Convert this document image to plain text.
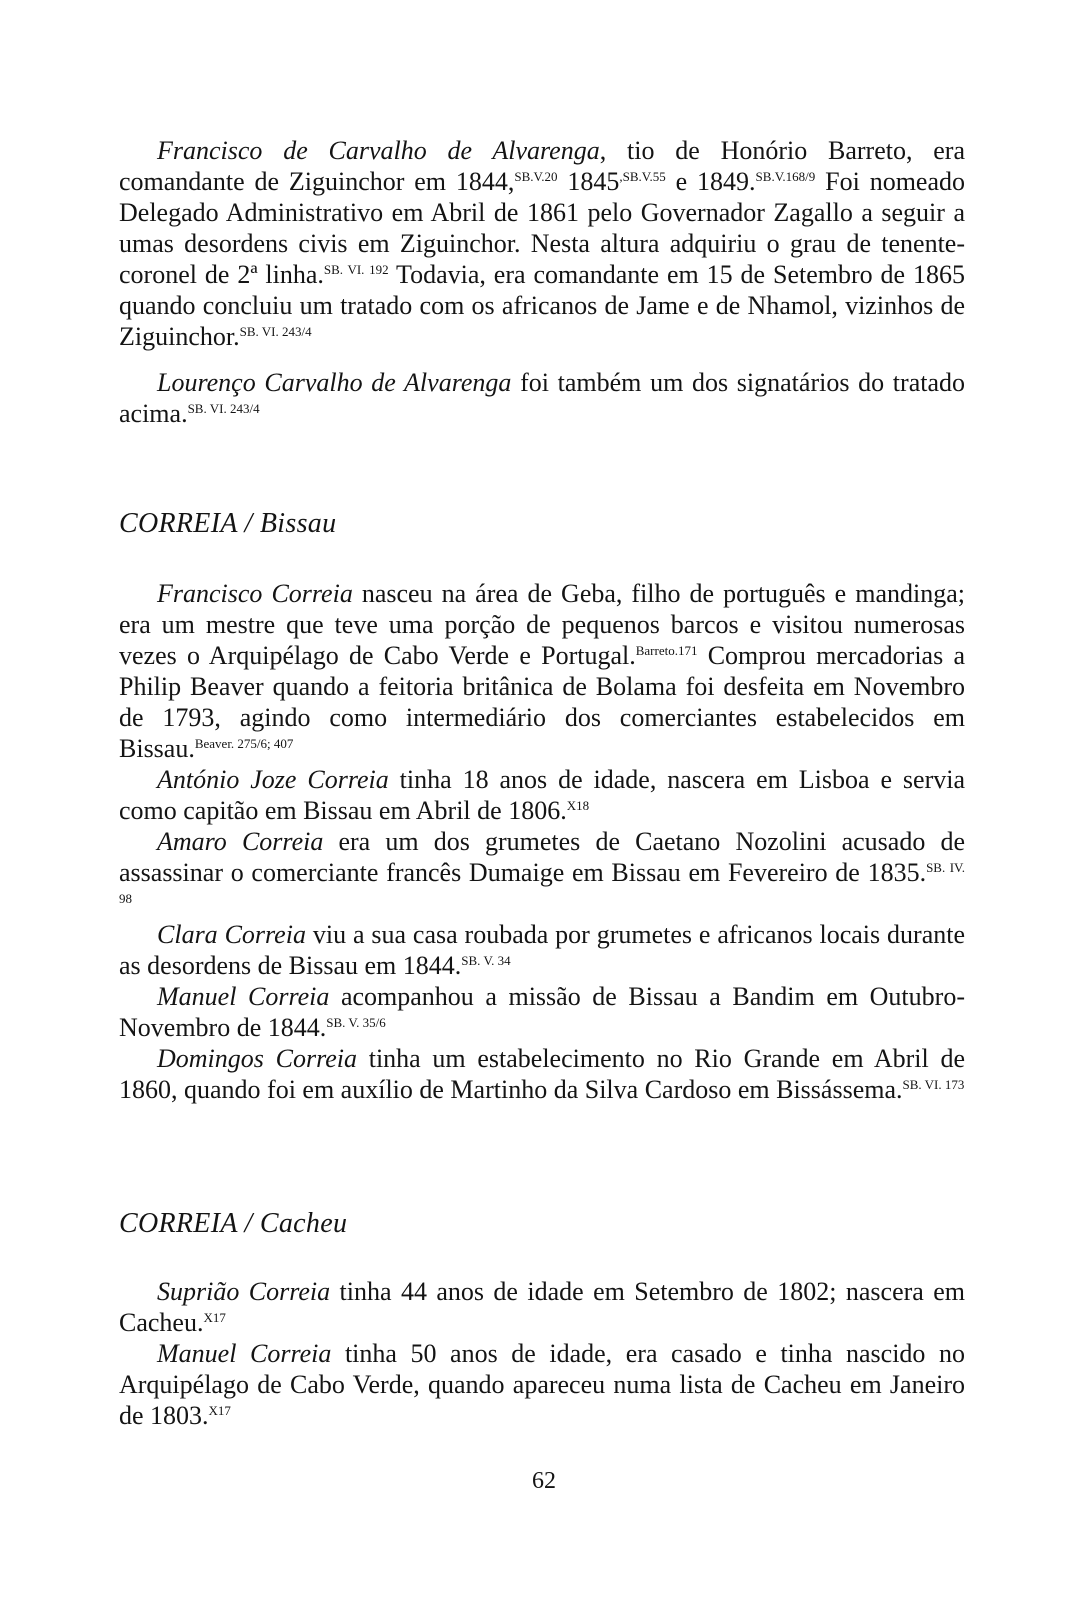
Francisco de Carvalho de Alvarenga, tio de Honório Barreto, era comandante de Ziguinchor em 1844,$^{SB.V.20}$ $1845^{,SB.V.55}$ e 1849.$^{SB.V.168/9}$ Foi nomeado Delegado Administrativo em Abril de 1861 pelo Governador Zagallo a seguir a umas desordens civis em Ziguinchor. Nesta altura adquiriu o grau de tenente-coronel de 2ª linha.$^{SB. VI. 192}$ Todavia, era comandante em 15 de Setembro de 1865 quando concluiu um tratado com os africanos de Jame e de Nhamol, vizinhos de Ziguinchor.$^{SB. VI. 243/4}$

Lourenço Carvalho de Alvarenga foi também um dos signatários do tratado acima.$^{SB. VI. 243/4}$

CORREIA / Bissau

Francisco Correia nasceu na área de Geba, filho de português e mandinga; era um mestre que teve uma porção de pequenos barcos e visitou numerosas vezes o Arquipélago de Cabo Verde e Portugal.$^{Barreto.171}$ Comprou mercadorias a Philip Beaver quando a feitoria britânica de Bolama foi desfeita em Novembro de 1793, agindo como intermediário dos comerciantes estabelecidos em Bissau.$^{Beaver. 275/6; 407}$

António Joze Correia tinha 18 anos de idade, nascera em Lisboa e servia como capitão em Bissau em Abril de 1806.$^{X18}$

Amaro Correia era um dos grumetes de Caetano Nozolini acusado de assassinar o comerciante francês Dumaige em Bissau em Fevereiro de 1835.$^{SB. IV. 98}$

Clara Correia viu a sua casa roubada por grumetes e africanos locais durante as desordens de Bissau em 1844.$^{SB. V. 34}$

Manuel Correia acompanhou a missão de Bissau a Bandim em Outubro-Novembro de 1844.$^{SB. V. 35/6}$

Domingos Correia tinha um estabelecimento no Rio Grande em Abril de 1860, quando foi em auxílio de Martinho da Silva Cardoso em Bissássema.$^{SB. VI. 173}$

CORREIA / Cacheu

Suprião Correia tinha 44 anos de idade em Setembro de 1802; nascera em Cacheu.$^{X17}$

Manuel Correia tinha 50 anos de idade, era casado e tinha nascido no Arquipélago de Cabo Verde, quando apareceu numa lista de Cacheu em Janeiro de 1803.$^{X17}$

62
